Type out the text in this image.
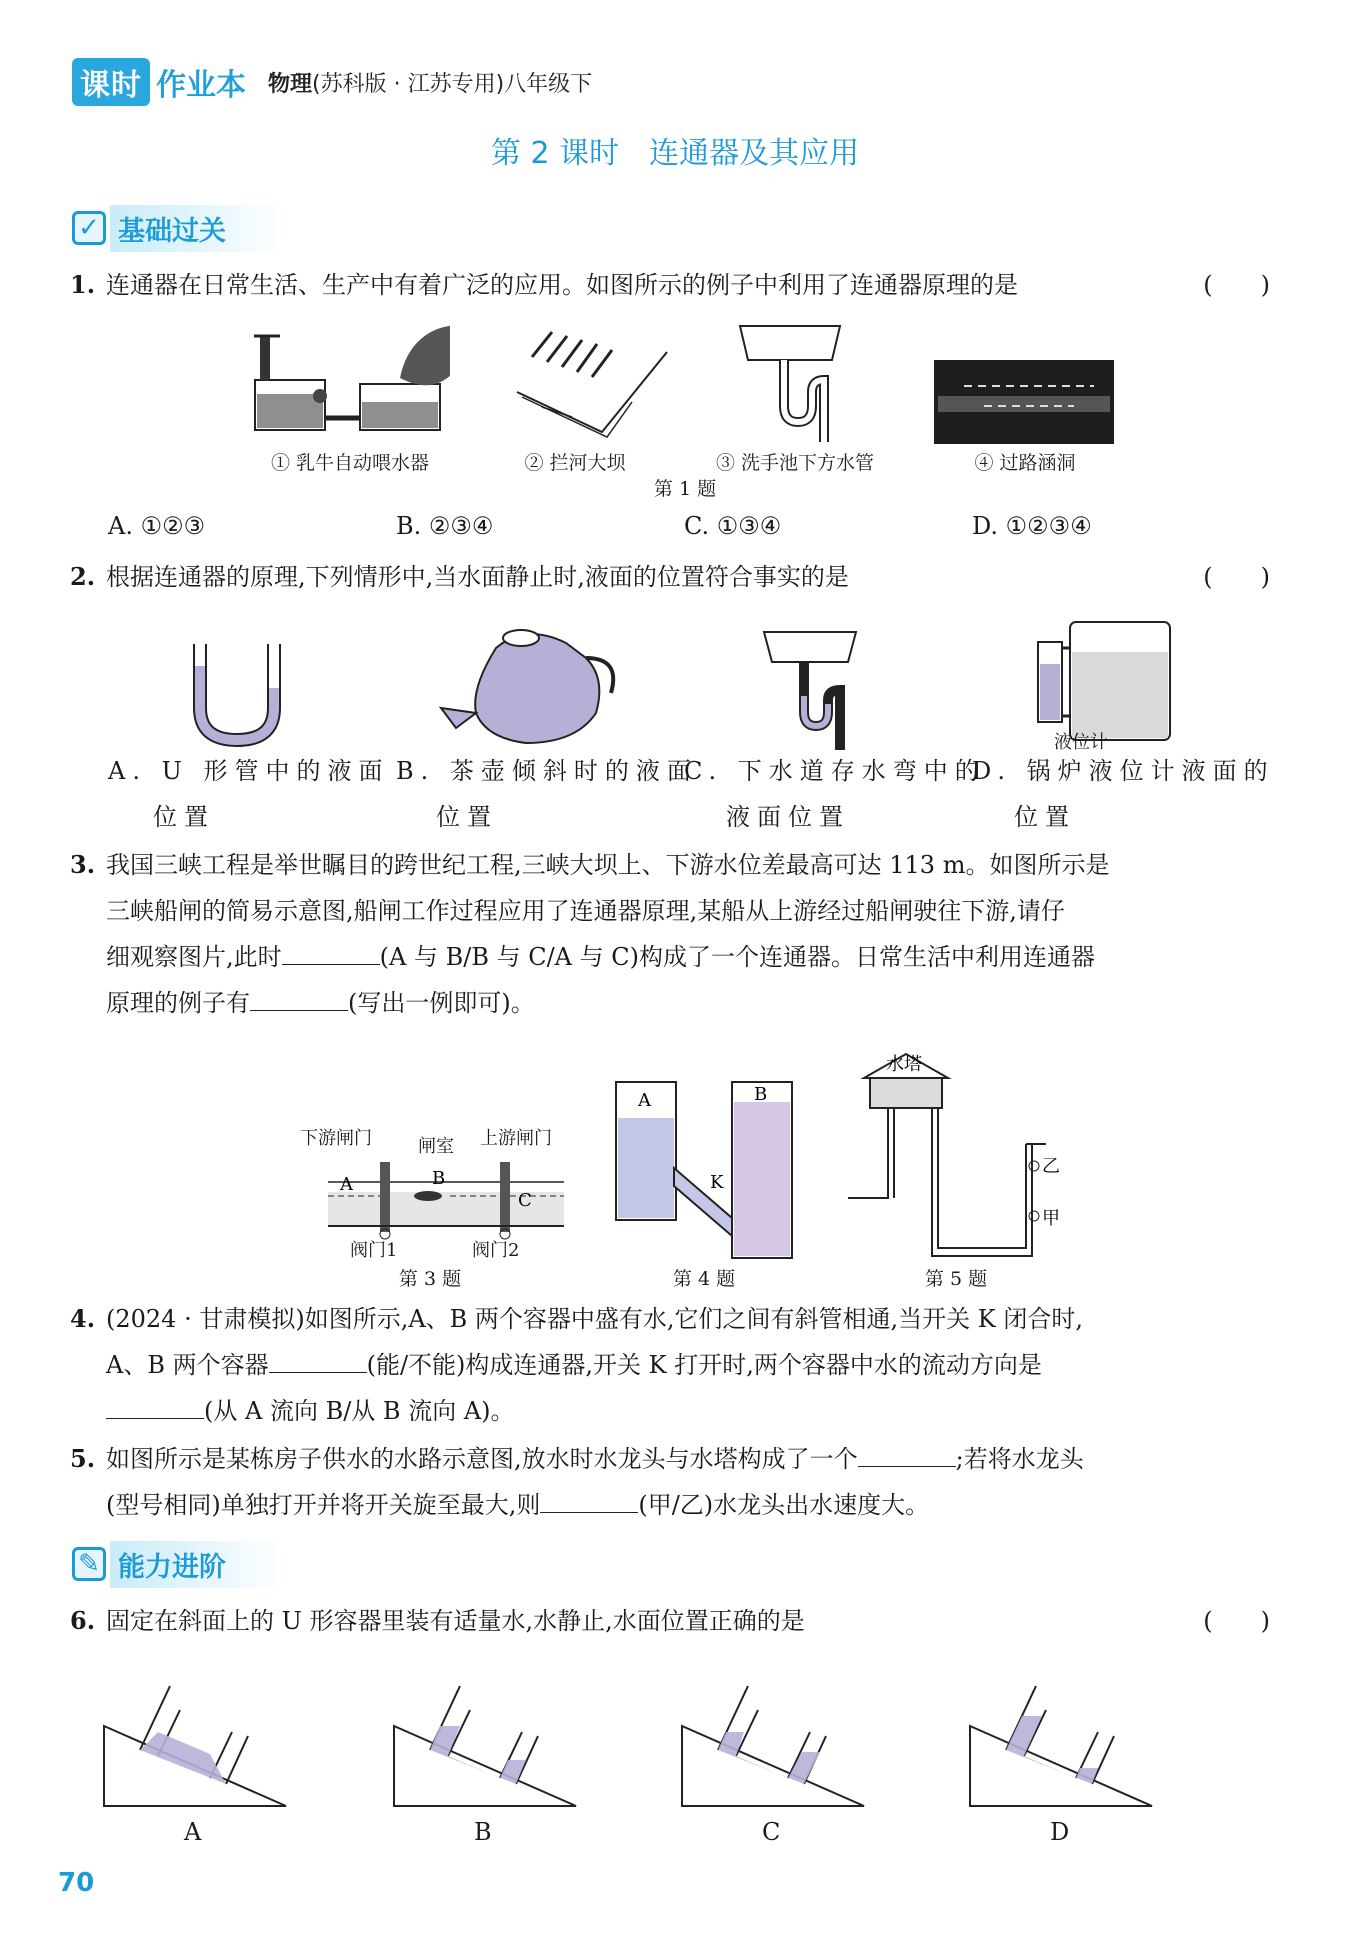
课时 作业本 物理(苏科版 · 江苏专用)八年级下
第 2 课时　连通器及其应用
✓ 基础过关
1. 连通器在日常生活、生产中有着广泛的应用。如图所示的例子中利用了连通器原理的是	(　　)
① 乳牛自动喂水器	② 拦河大坝	③ 洗手池下方水管	④ 过路涵洞
第 1 题
A. ①②③	B. ②③④	C. ①③④	D. ①②③④
2. 根据连通器的原理,下列情形中,当水面静止时,液面的位置符合事实的是	(　　)
液位计
A. U 形管中的液面
位置
B. 茶壶倾斜时的液面
位置
C. 下水道存水弯中的
液面位置
D. 锅炉液位计液面的
位置
3. 我国三峡工程是举世瞩目的跨世纪工程,三峡大坝上、下游水位差最高可达 113 m。如图所示是
三峡船闸的简易示意图,船闸工作过程应用了连通器原理,某船从上游经过船闸驶往下游,请仔
细观察图片,此时	(A 与 B/B 与 C/A 与 C)构成了一个连通器。日常生活中利用连通器
原理的例子有	(写出一例即可)。
A	B
C
下游闸门	闸室 上游闸门
阀门1	阀门2
第 3 题
A	B
K
第 4 题
水塔
乙
甲
第 5 题
4. (2024 · 甘肃模拟)如图所示,A、B 两个容器中盛有水,它们之间有斜管相通,当开关 K 闭合时,
A、B 两个容器	(能/不能)构成连通器,开关 K 打开时,两个容器中水的流动方向是
(从 A 流向 B/从 B 流向 A)。
5. 如图所示是某栋房子供水的水路示意图,放水时水龙头与水塔构成了一个	;若将水龙头
(型号相同)单独打开并将开关旋至最大,则	(甲/乙)水龙头出水速度大。
✎ 能力进阶
6. 固定在斜面上的 U 形容器里装有适量水,水静止,水面位置正确的是	(　　)
A	B	C	D
70
